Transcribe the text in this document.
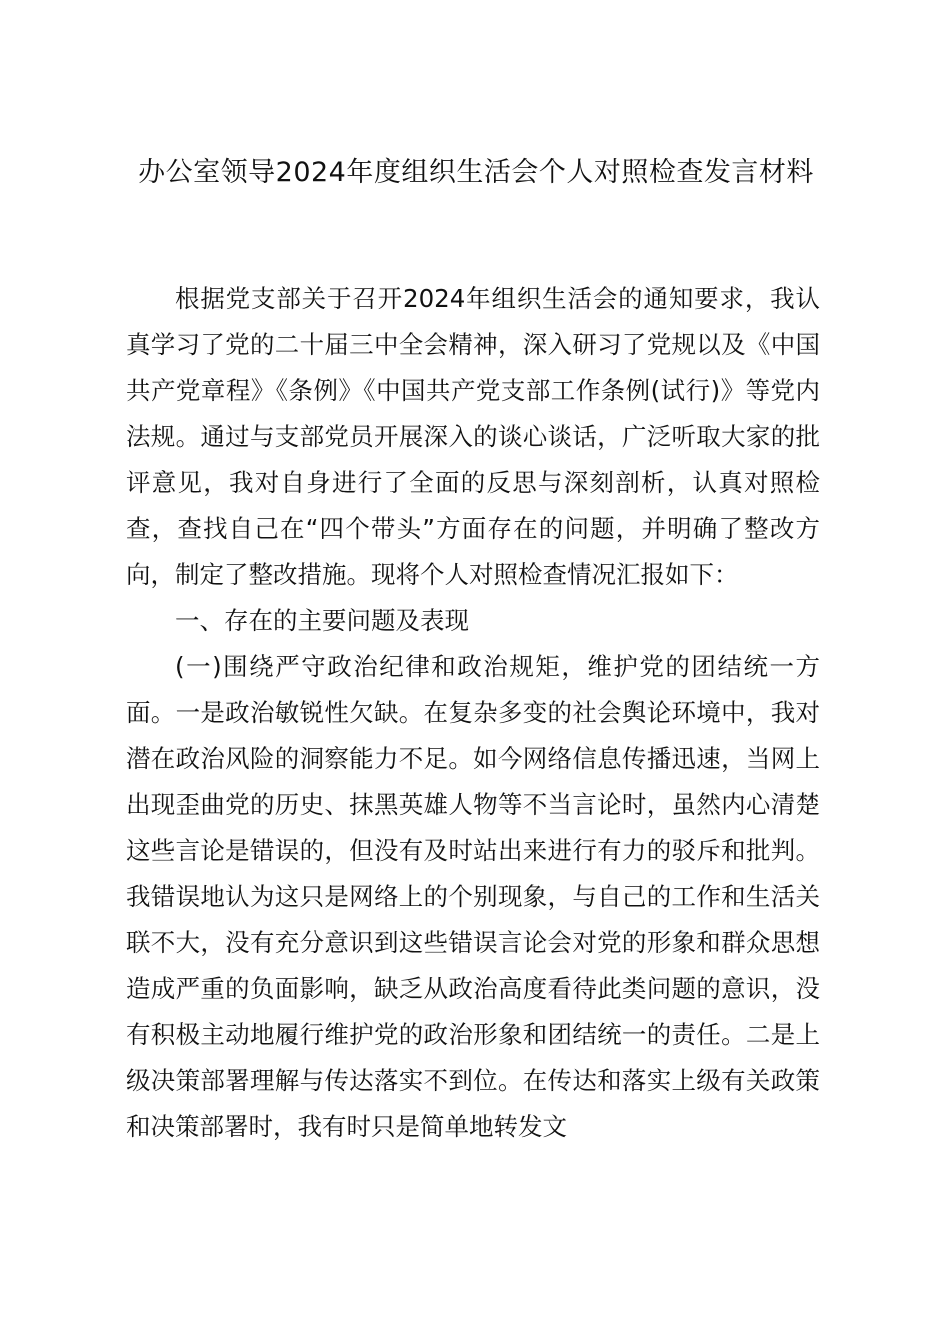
办公室领导2024年度组织生活会个人对照检查发言材料

根据党支部关于召开2024年组织生活会的通知要求，我认真学习了党的二十届三中全会精神，深入研习了党规以及《中国共产党章程》《条例》《中国共产党支部工作条例(试行)》等党内法规。通过与支部党员开展深入的谈心谈话，广泛听取大家的批评意见，我对自身进行了全面的反思与深刻剖析，认真对照检查，查找自己在“四个带头”方面存在的问题，并明确了整改方向，制定了整改措施。现将个人对照检查情况汇报如下：

一、存在的主要问题及表现

(一)围绕严守政治纪律和政治规矩，维护党的团结统一方面。一是政治敏锐性欠缺。在复杂多变的社会舆论环境中，我对潜在政治风险的洞察能力不足。如今网络信息传播迅速，当网上出现歪曲党的历史、抹黑英雄人物等不当言论时，虽然内心清楚这些言论是错误的，但没有及时站出来进行有力的驳斥和批判。我错误地认为这只是网络上的个别现象，与自己的工作和生活关联不大，没有充分意识到这些错误言论会对党的形象和群众思想造成严重的负面影响，缺乏从政治高度看待此类问题的意识，没有积极主动地履行维护党的政治形象和团结统一的责任。二是上级决策部署理解与传达落实不到位。在传达和落实上级有关政策和决策部署时，我有时只是简单地转发文
